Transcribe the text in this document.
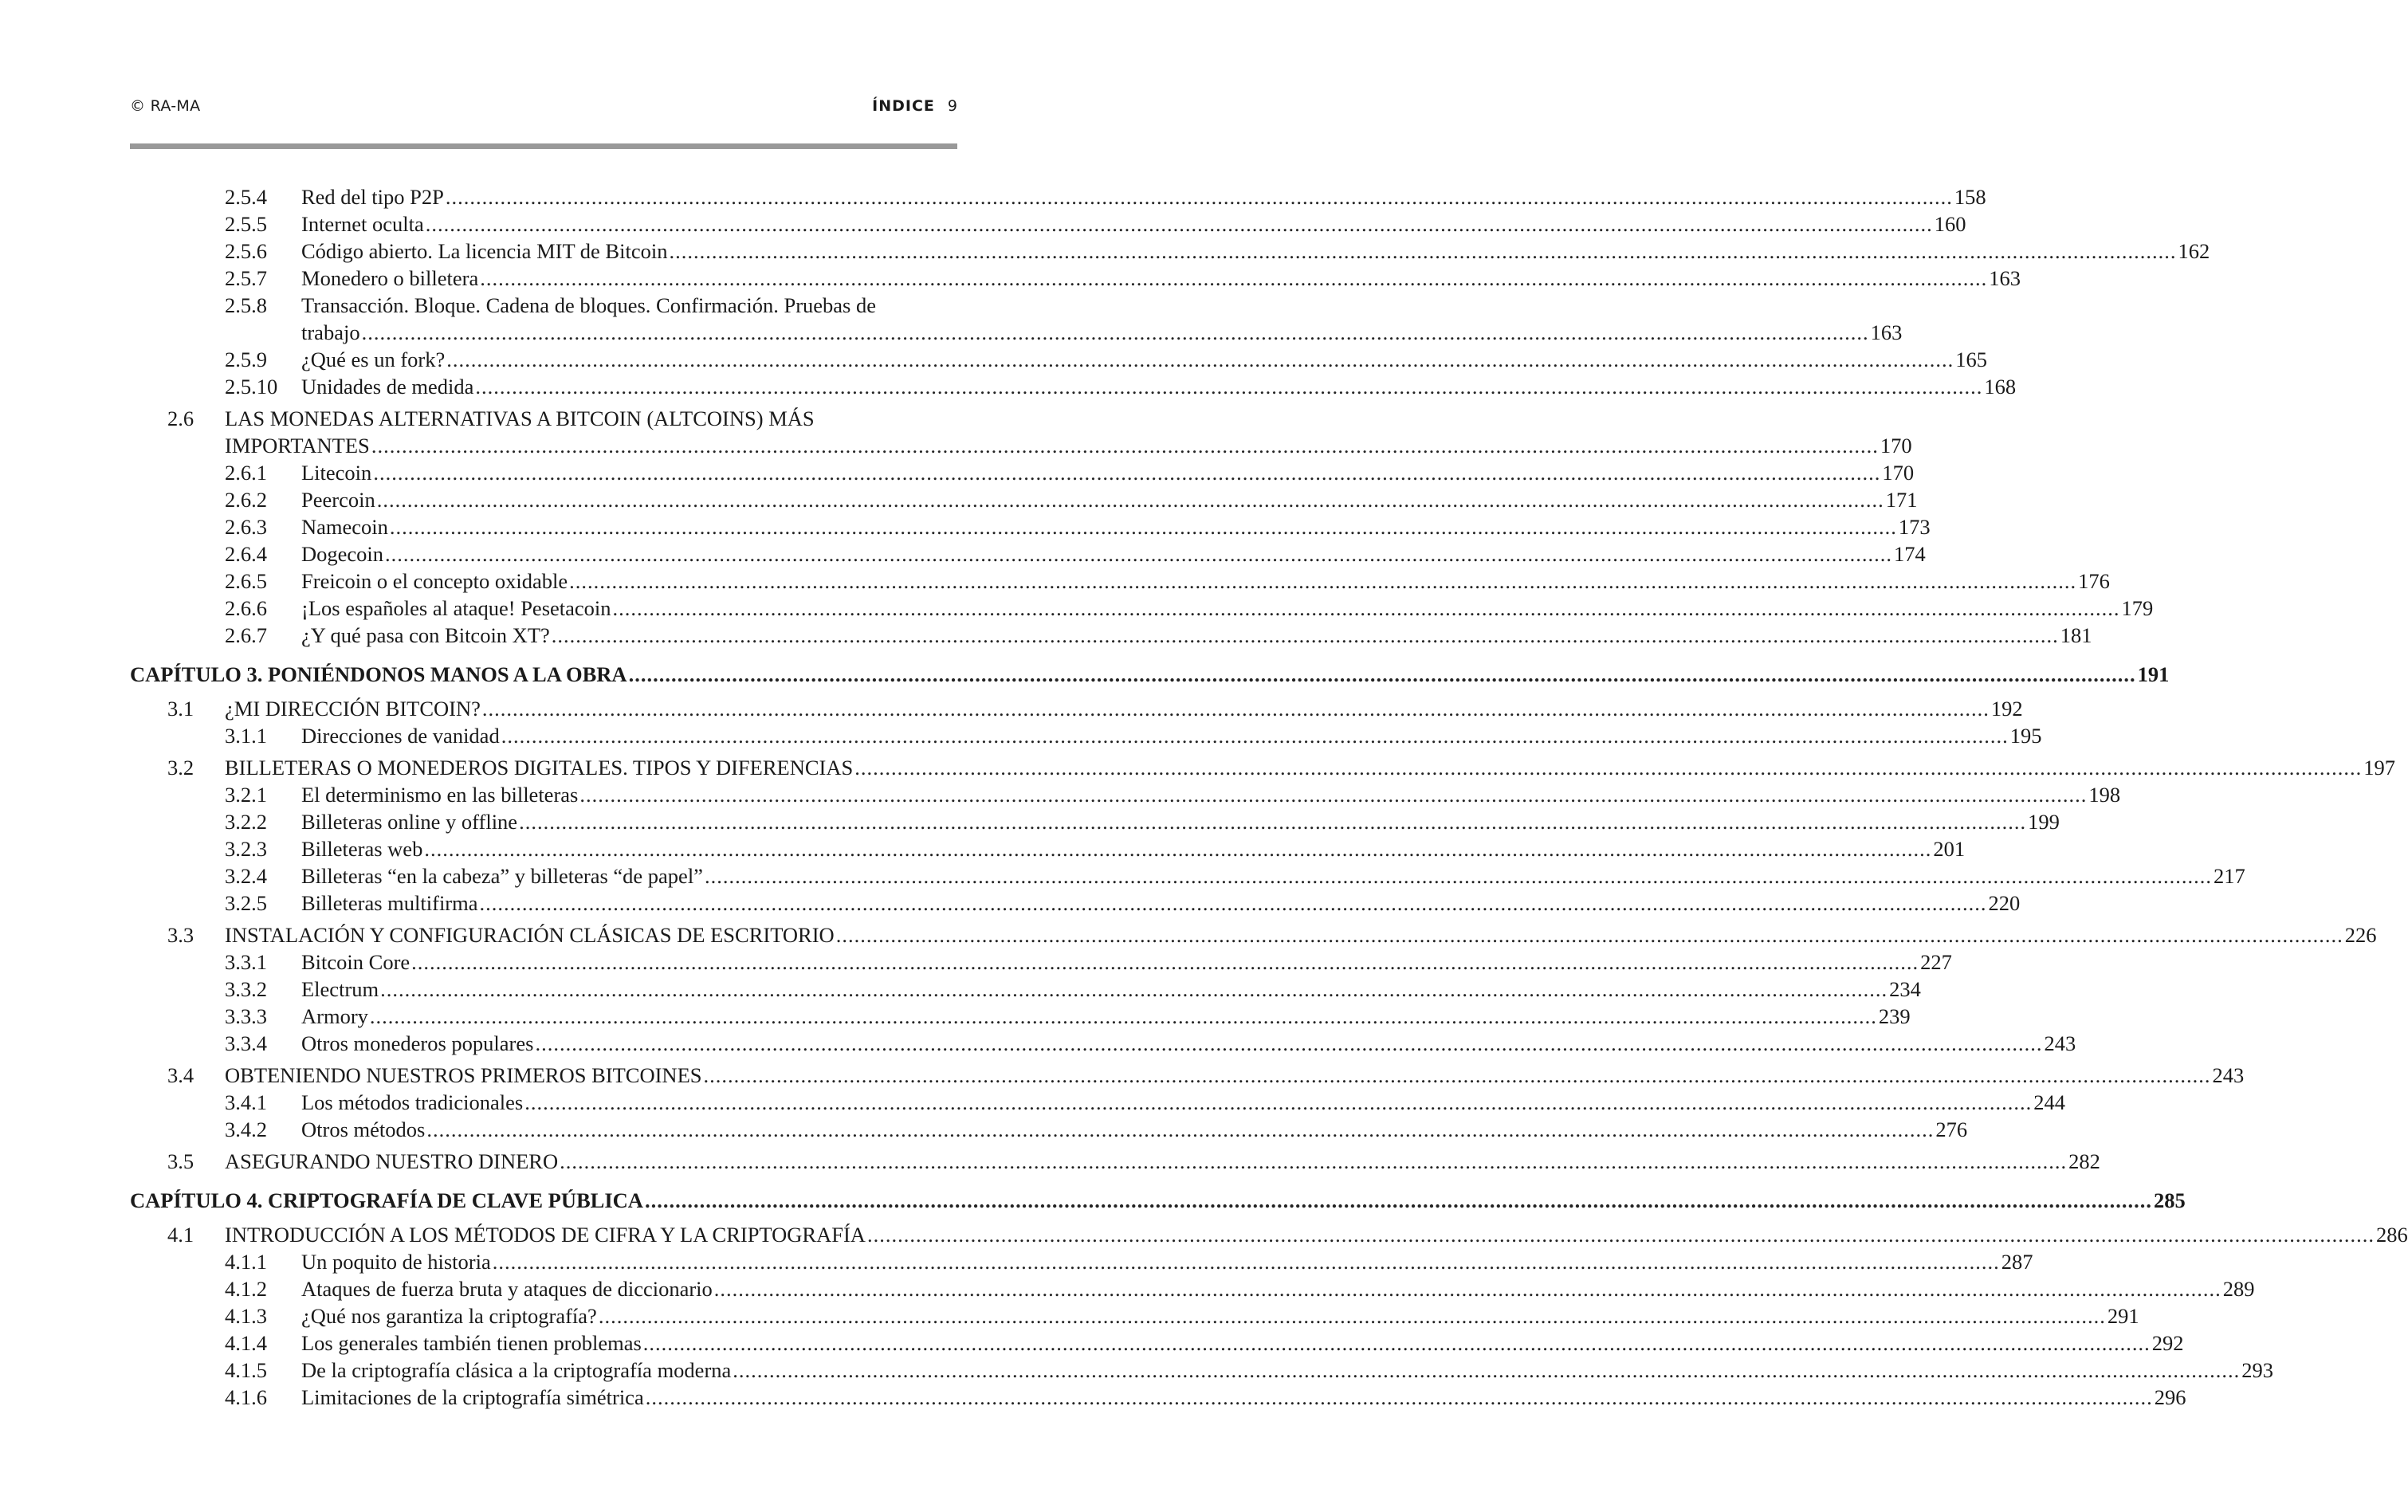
© RA-MA	ÍNDICE 9
2.5.4	Red del tipo P2P .....	158
2.5.5	Internet oculta .....	160
2.5.6	Código abierto. La licencia MIT de Bitcoin .....	162
2.5.7	Monedero o billetera .....	163
2.5.8	Transacción. Bloque. Cadena de bloques. Confirmación. Pruebas de
trabajo .....	163
2.5.9	¿Qué es un fork? .....	165
2.5.10	Unidades de medida .....	168
2.6	LAS MONEDAS ALTERNATIVAS A BITCOIN (ALTCOINS) MÁS
IMPORTANTES .....	170
2.6.1	Litecoin .....	170
2.6.2	Peercoin .....	171
2.6.3	Namecoin .....	173
2.6.4	Dogecoin .....	174
2.6.5	Freicoin o el concepto oxidable .....	176
2.6.6	¡Los españoles al ataque! Pesetacoin .....	179
2.6.7	¿Y qué pasa con Bitcoin XT? .....	181
CAPÍTULO 3. PONIÉNDONOS MANOS A LA OBRA .....	191
3.1	¿MI DIRECCIÓN BITCOIN? .....	192
3.1.1	Direcciones de vanidad .....	195
3.2	BILLETERAS O MONEDEROS DIGITALES. TIPOS Y DIFERENCIAS .....	197
3.2.1	El determinismo en las billeteras .....	198
3.2.2	Billeteras online y offline .....	199
3.2.3	Billeteras web .....	201
3.2.4	Billeteras “en la cabeza” y billeteras “de papel” .....	217
3.2.5	Billeteras multifirma .....	220
3.3	INSTALACIÓN Y CONFIGURACIÓN CLÁSICAS DE ESCRITORIO .....	226
3.3.1	Bitcoin Core .....	227
3.3.2	Electrum .....	234
3.3.3	Armory .....	239
3.3.4	Otros monederos populares .....	243
3.4	OBTENIENDO NUESTROS PRIMEROS BITCOINES .....	243
3.4.1	Los métodos tradicionales .....	244
3.4.2	Otros métodos .....	276
3.5	ASEGURANDO NUESTRO DINERO .....	282
CAPÍTULO 4. CRIPTOGRAFÍA DE CLAVE PÚBLICA .....	285
4.1	INTRODUCCIÓN A LOS MÉTODOS DE CIFRA Y LA CRIPTOGRAFÍA .....	286
4.1.1	Un poquito de historia .....	287
4.1.2	Ataques de fuerza bruta y ataques de diccionario .....	289
4.1.3	¿Qué nos garantiza la criptografía? .....	291
4.1.4	Los generales también tienen problemas .....	292
4.1.5	De la criptografía clásica a la criptografía moderna .....	293
4.1.6	Limitaciones de la criptografía simétrica .....	296
